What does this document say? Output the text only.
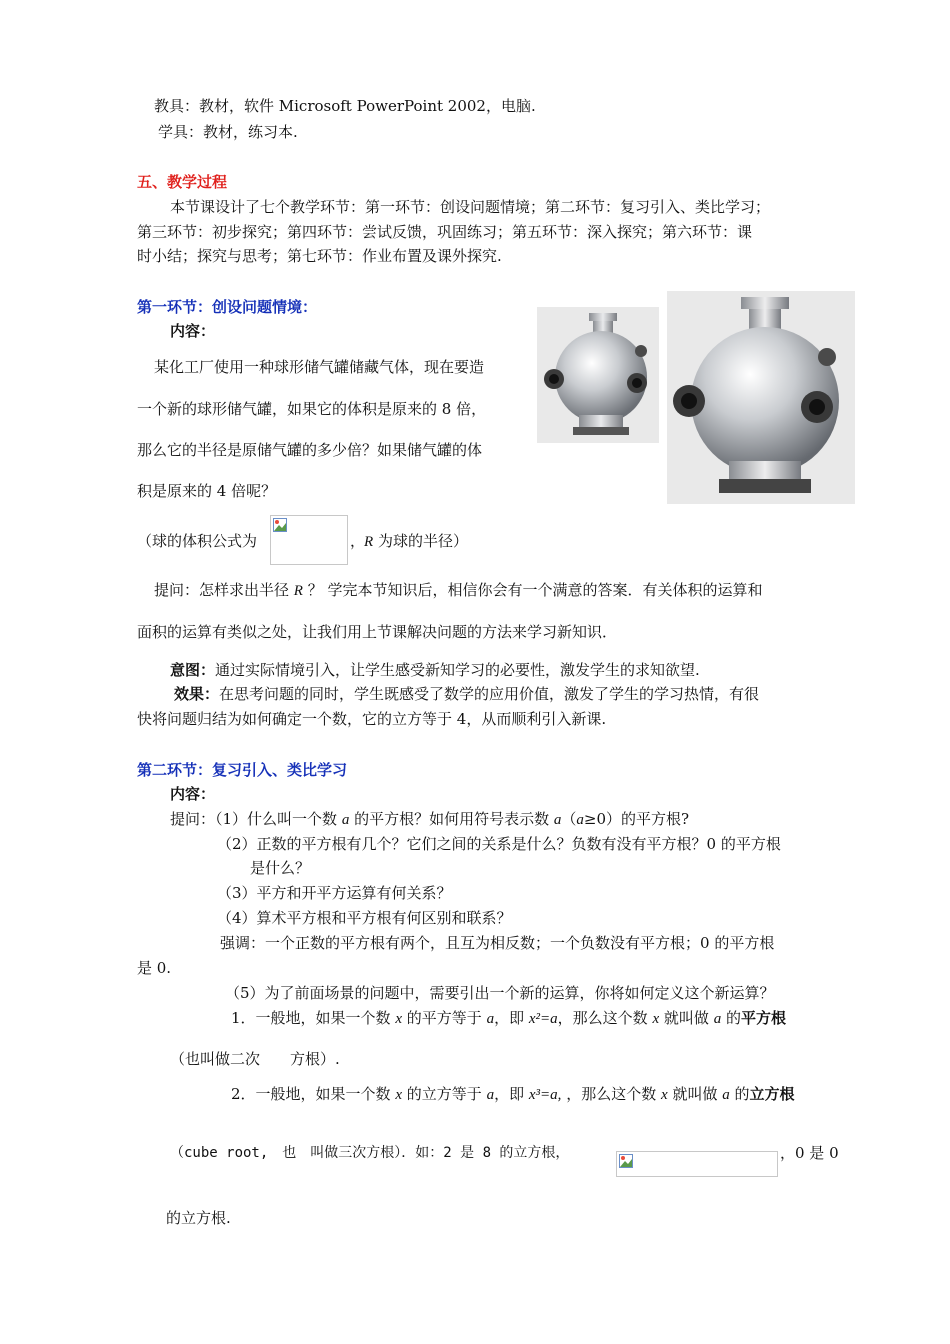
教具：教材，软件 Microsoft PowerPoint 2002，电脑.
学具：教材，练习本.
五、教学过程
本节课设计了七个教学环节：第一环节：创设问题情境；第二环节：复习引入、类比学习；
第三环节：初步探究；第四环节：尝试反馈，巩固练习；第五环节：深入探究；第六环节：课
时小结；探究与思考；第七环节：作业布置及课外探究.
第一环节：创设问题情境：
内容：
某化工厂使用一种球形储气罐储藏气体，现在要造
一个新的球形储气罐，如果它的体积是原来的 8 倍，
那么它的半径是原储气罐的多少倍？如果储气罐的体
积是原来的 4 倍呢？
（球的体积公式为	，
R 为球的半径）
提问：怎样求出半径 R ？ 学完本节知识后，相信你会有一个满意的答案．有关体积的运算和
面积的运算有类似之处，让我们用上节课解决问题的方法来学习新知识．
意图：通过实际情境引入，让学生感受新知学习的必要性，激发学生的求知欲望.
效果：在思考问题的同时，学生既感受了数学的应用价值，激发了学生的学习热情，有很
快将问题归结为如何确定一个数，它的立方等于 4，从而顺利引入新课.
第二环节：复习引入、类比学习
内容：
提问：（1）什么叫一个数 a 的平方根？如何用符号表示数 a（a≥0）的平方根?
（2）正数的平方根有几个？它们之间的关系是什么？负数有没有平方根？0 的平方根
是什么？
（3）平方和开平方运算有何关系？
（4）算术平方根和平方根有何区别和联系？
强调：一个正数的平方根有两个，且互为相反数；一个负数没有平方根；0 的平方根
是 0.
（5）为了前面场景的问题中，需要引出一个新的运算，你将如何定义这个新运算？
1．一般地，如果一个数 x 的平方等于 a，即 x²=a，那么这个数 x 就叫做 a 的平方根
（也叫做二次　　方根）.
2．一般地，如果一个数 x 的立方等于 a，即 x³=a, ，那么这个数 x 就叫做 a 的立方根
（cube root,　也　叫做三次方根）．如：2 是 8 的立方根，	，0 是 0
的立方根.
